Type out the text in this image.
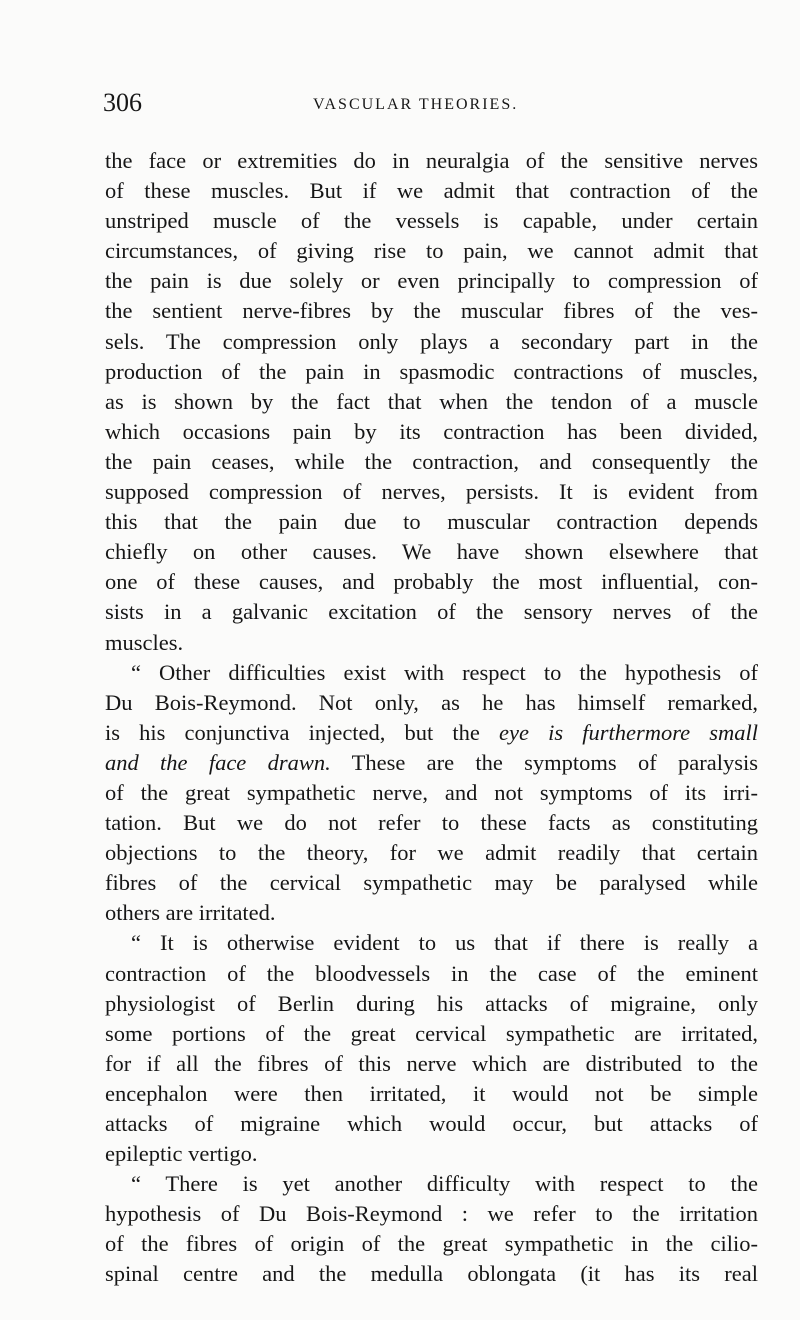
306	VASCULAR THEORIES.
the face or extremities do in neuralgia of the sensitive nerves
of these muscles. But if we admit that contraction of the
unstriped muscle of the vessels is capable, under certain
circumstances, of giving rise to pain, we cannot admit that
the pain is due solely or even principally to compression of
the sentient nerve-fibres by the muscular fibres of the ves-
sels. The compression only plays a secondary part in the
production of the pain in spasmodic contractions of muscles,
as is shown by the fact that when the tendon of a muscle
which occasions pain by its contraction has been divided,
the pain ceases, while the contraction, and consequently the
supposed compression of nerves, persists. It is evident from
this that the pain due to muscular contraction depends
chiefly on other causes. We have shown elsewhere that
one of these causes, and probably the most influential, con-
sists in a galvanic excitation of the sensory nerves of the
muscles.
“ Other difficulties exist with respect to the hypothesis of
Du Bois-Reymond. Not only, as he has himself remarked,
is his conjunctiva injected, but the eye is furthermore small
and the face drawn. These are the symptoms of paralysis
of the great sympathetic nerve, and not symptoms of its irri-
tation. But we do not refer to these facts as constituting
objections to the theory, for we admit readily that certain
fibres of the cervical sympathetic may be paralysed while
others are irritated.
“ It is otherwise evident to us that if there is really a
contraction of the bloodvessels in the case of the eminent
physiologist of Berlin during his attacks of migraine, only
some portions of the great cervical sympathetic are irritated,
for if all the fibres of this nerve which are distributed to the
encephalon were then irritated, it would not be simple
attacks of migraine which would occur, but attacks of
epileptic vertigo.
“ There is yet another difficulty with respect to the
hypothesis of Du Bois-Reymond : we refer to the irritation
of the fibres of origin of the great sympathetic in the cilio-
spinal centre and the medulla oblongata (it has its real
